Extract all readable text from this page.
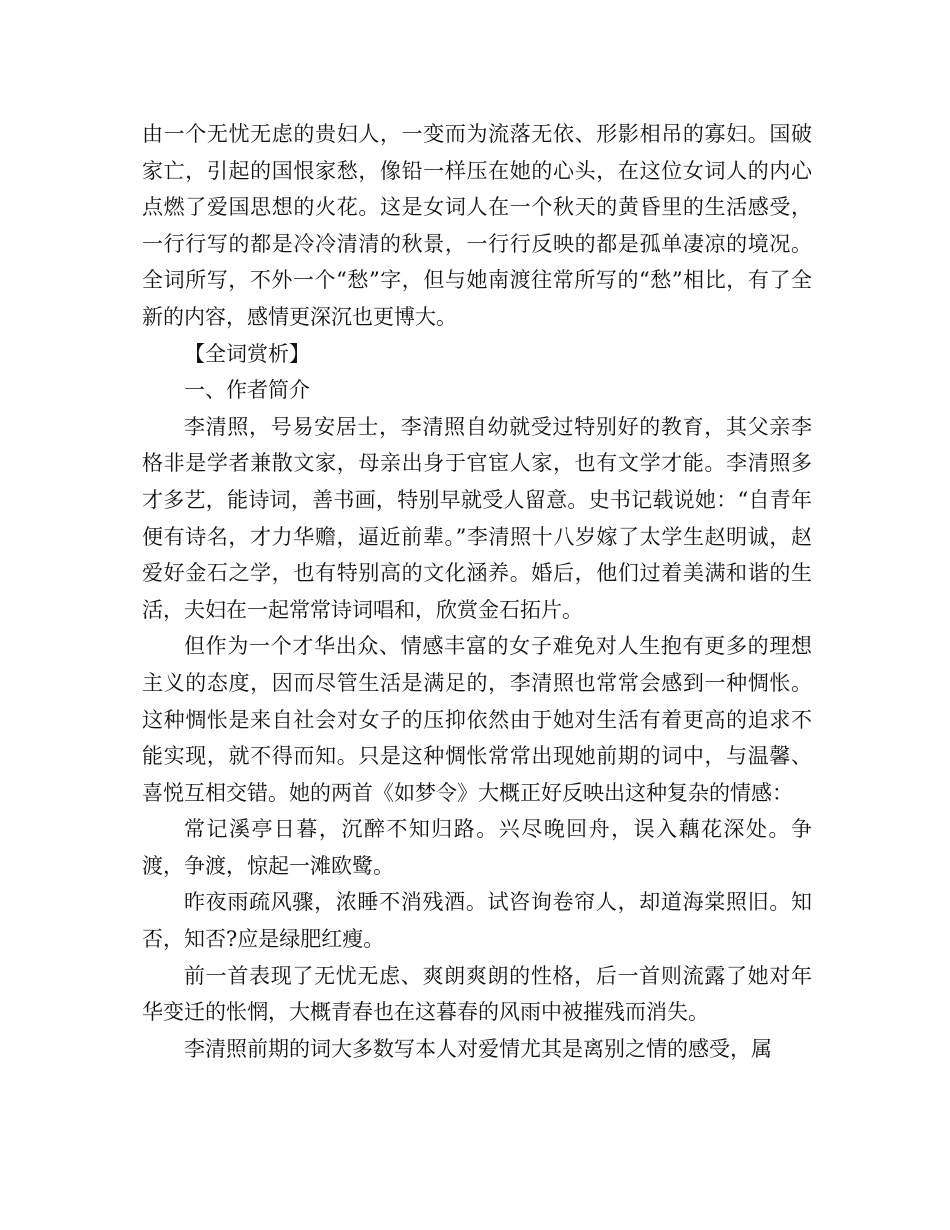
由一个无忧无虑的贵妇人，一变而为流落无依、形影相吊的寡妇。国破家亡，引起的国恨家愁，像铅一样压在她的心头，在这位女词人的内心点燃了爱国思想的火花。这是女词人在一个秋天的黄昏里的生活感受，一行行写的都是冷冷清清的秋景，一行行反映的都是孤单凄凉的境况。全词所写，不外一个“愁”字，但与她南渡往常所写的“愁”相比，有了全新的内容，感情更深沉也更博大。

【全词赏析】

一、作者简介

李清照，号易安居士，李清照自幼就受过特别好的教育，其父亲李格非是学者兼散文家，母亲出身于官宦人家，也有文学才能。李清照多才多艺，能诗词，善书画，特别早就受人留意。史书记载说她：“自青年便有诗名，才力华赡，逼近前辈。”李清照十八岁嫁了太学生赵明诚，赵爱好金石之学，也有特别高的文化涵养。婚后，他们过着美满和谐的生活，夫妇在一起常常诗词唱和，欣赏金石拓片。

但作为一个才华出众、情感丰富的女子难免对人生抱有更多的理想主义的态度，因而尽管生活是满足的，李清照也常常会感到一种惆怅。这种惆怅是来自社会对女子的压抑依然由于她对生活有着更高的追求不能实现，就不得而知。只是这种惆怅常常出现她前期的词中，与温馨、喜悦互相交错。她的两首《如梦令》大概正好反映出这种复杂的情感：

常记溪亭日暮，沉醉不知归路。兴尽晚回舟，误入藕花深处。争渡，争渡，惊起一滩欧鹭。

昨夜雨疏风骤，浓睡不消残酒。试咨询卷帘人，却道海棠照旧。知否，知否?应是绿肥红瘦。

前一首表现了无忧无虑、爽朗爽朗的性格，后一首则流露了她对年华变迁的怅惘，大概青春也在这暮春的风雨中被摧残而消失。

李清照前期的词大多数写本人对爱情尤其是离别之情的感受，属
